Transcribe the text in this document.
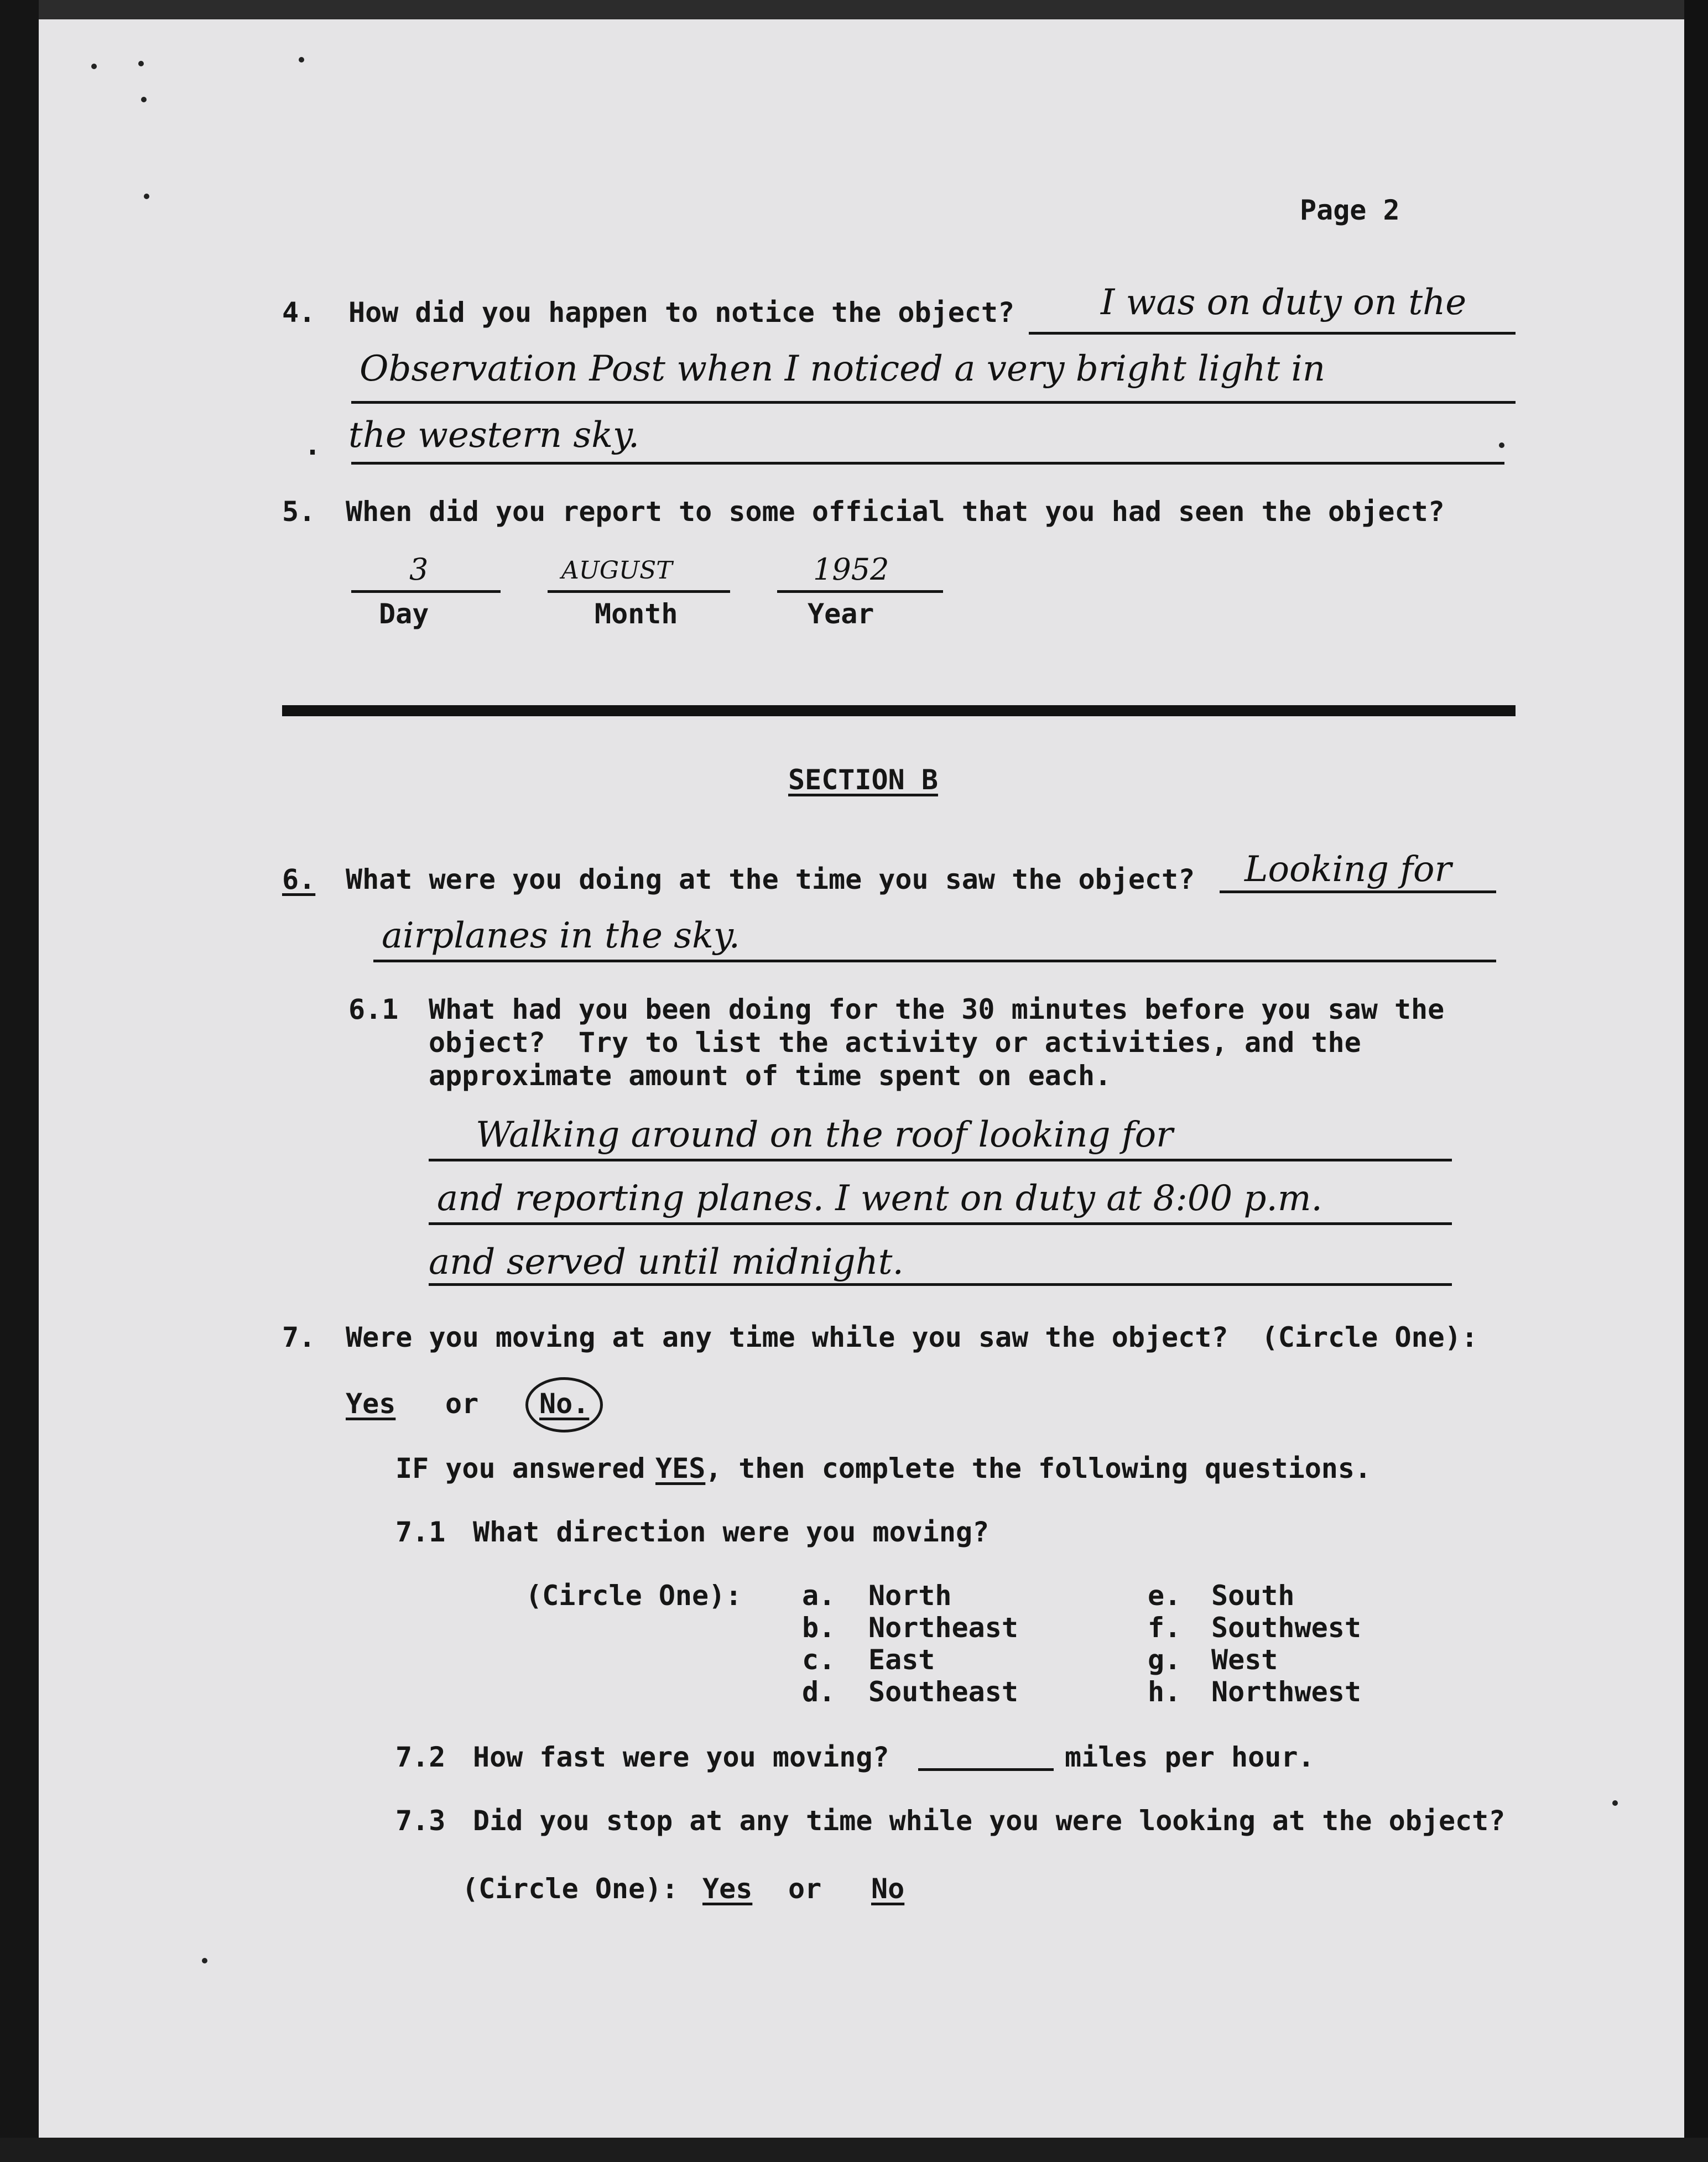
Page 2
4. How did you happen to notice the object? I was on duty on the
Observation Post when I noticed a very bright light in
. the western sky.
5. When did you report to some official that you had seen the object?
3
Day
AUGUST
Month
1952
Year
SECTION B
6. What were you doing at the time you saw the object? Looking for
airplanes in the sky.
6.1 What had you been doing for the 30 minutes before you saw the
object?  Try to list the activity or activities, and the
approximate amount of time spent on each.
Walking around on the roof looking for
and reporting planes. I went on duty at 8:00 p.m.
and served until midnight.
7. Were you moving at any time while you saw the object?  (Circle One):
Yes or No.
IF you answered YES , then complete the following questions.
7.1 What direction were you moving?
(Circle One): a. North
b. Northeast
c. East
d. Southeast
e. South
f. Southwest
g. West
h. Northwest
7.2 How fast were you moving?	miles per hour.
7.3 Did you stop at any time while you were looking at the object?
(Circle One): Yes or No
